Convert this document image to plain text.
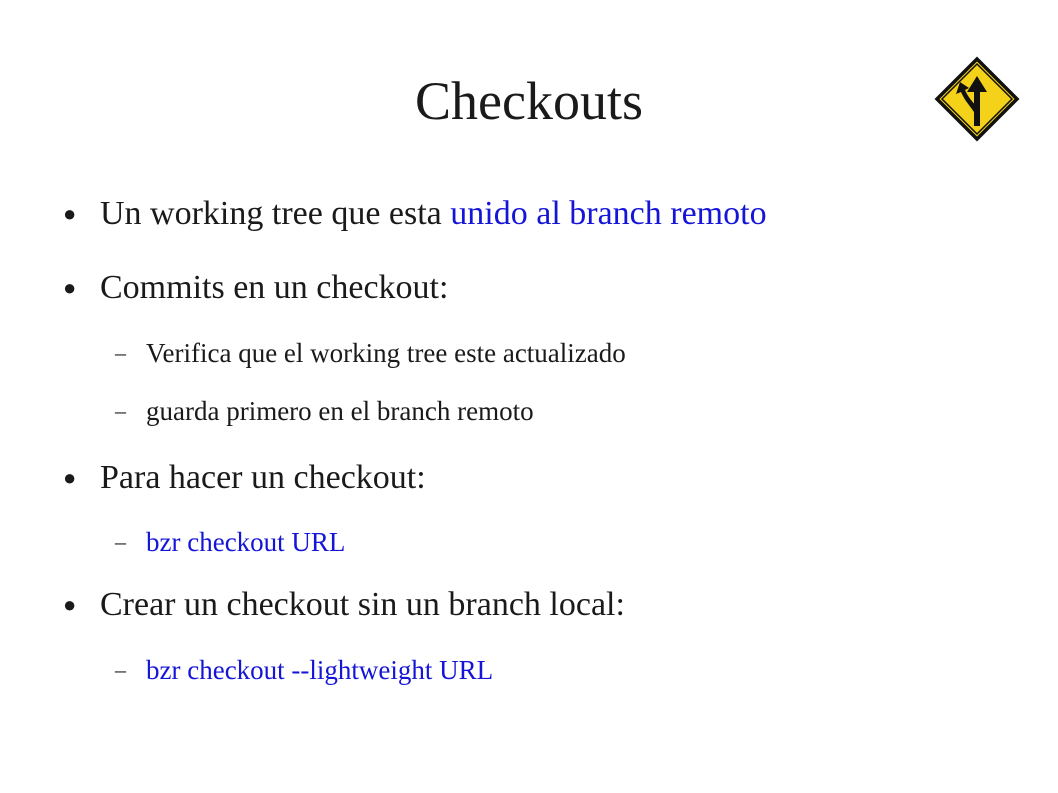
Checkouts
● Un working tree que esta unido al branch remoto
● Commits en un checkout:
– Verifica que el working tree este actualizado
– guarda primero en el branch remoto
● Para hacer un checkout:
– bzr checkout URL
● Crear un checkout sin un branch local:
– bzr checkout --lightweight URL
